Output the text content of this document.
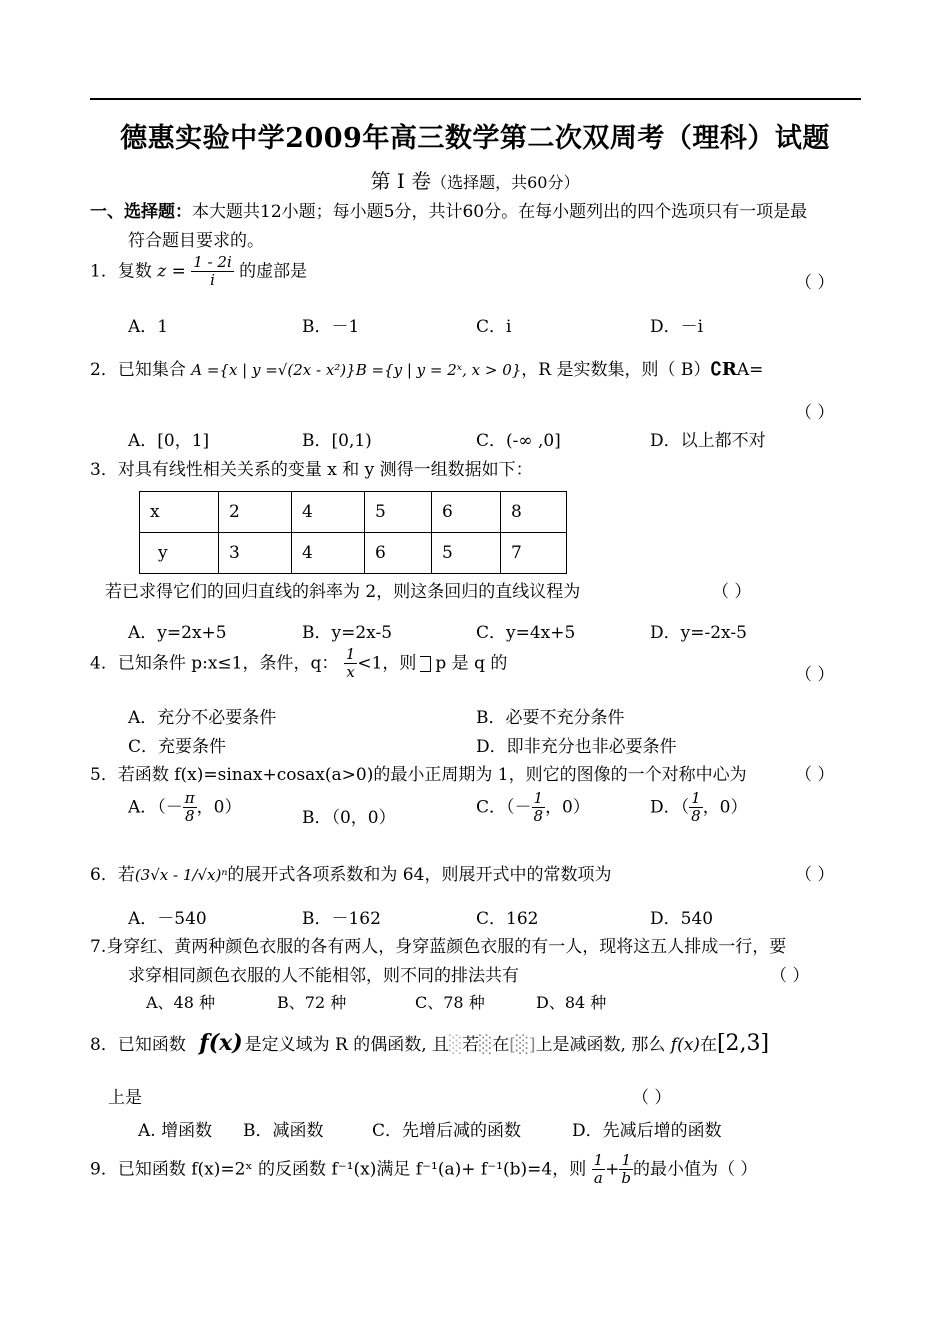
德惠实验中学2009年高三数学第二次双周考（理科）试题
第 I 卷（选择题，共60分）
一、选择题：本大题共12小题；每小题5分，共计60分。在每小题列出的四个选项只有一项是最
符合题目要求的。
1．复数 $z = \frac{1 - 2i}{i}$ 的虚部是
（ ）
A．1	B．－1	C．i	D．－i
2．已知集合 A ={x | y =√(2x - x²)}B ={y | y = 2ˣ, x > 0}，R 是实数集，则（ B）∁RA=
（ ）
A．[0，1]	B．[0,1)	C．(-∞ ,0]	D．以上都不对
3．对具有线性相关关系的变量 x 和 y 测得一组数据如下：
x	2	4	5	6	8
y	3	4	6	5	7
若已求得它们的回归直线的斜率为 2，则这条回归的直线议程为	（ ）
A．y=2x+5	B．y=2x-5	C．y=4x+5	D．y=-2x-5
4．已知条件 p:x≤1，条件，q： $\frac{1}{x} <1$，则 p 是 q 的
（ ）
A．充分不必要条件	B．必要不充分条件
C．充要条件	D．即非充分也非必要条件
5．若函数 f(x)=sinax+cosax(a>0)的最小正周期为 1，则它的图像的一个对称中心为	（ ）
A．（－ $\frac{\pi}{8}$ ，0）
B．（0，0）
C．（－ $\frac{1}{8}$ ，0）	D．（ $\frac{1}{8}$ ，0）
6．若(3√x - 1/√x)ⁿ的展开式各项系数和为 64，则展开式中的常数项为	（ ）
A．－540	B．－162	C．162	D．540
7.身穿红、黄两种颜色衣服的各有两人，身穿蓝颜色衣服的有一人，现将这五人排成一行，要
求穿相同颜色衣服的人不能相邻，则不同的排法共有	（ ）
A、48 种	B、72 种	C、78 种	D、84 种
8．已知函数 f(x) 是定义域为 R 的偶函数, 且░若░在[░]上是减函数, 那么 f(x)在[2,3]
上是	（ ）
A. 增函数 B．减函数	C．先增后减的函数	D．先减后增的函数
9．已知函数 f(x)=2ˣ 的反函数 f⁻¹(x)满足 f⁻¹(a)+ f⁻¹(b)=4，则 $\frac{1}{a} + \frac{1}{b}$ 的最小值为（ ）
